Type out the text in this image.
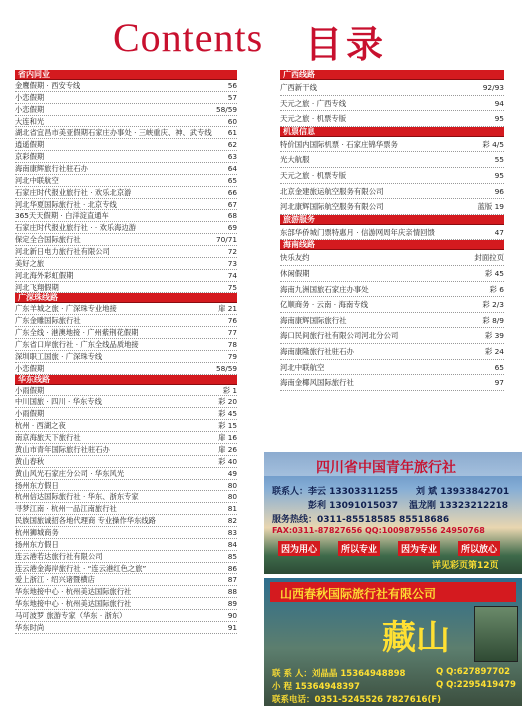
Contents 目录
省内同业
金鹰假期 · 西安专线	56
小恋假期	57
小恋假期	58/59
大连和光	60
湖北省宜昌市美亚假期石家庄办事处 · 三峡重庆、神、武专线	61
逍遥假期	62
京彩假期	63
海南康辉旅行社驻石办	64
河北中联航空	65
石家庄时代报业旅行社 · 欢乐北京游	66
河北华夏国际旅行社 · 北京专线	67
365天天假期 · 白洋淀直通车	68
石家庄时代报业旅行社 · · 欢乐海边游	69
保定全合国际旅行社	70/71
河北新日电力旅行社有限公司	72
美好之旅	73
河北海外彩虹假期	74
河北飞翔假期	75
广深珠线路
广东羊城之旅 · 广深珠专业地接	扉 21
广东金雕国际旅行社	76
广东全线 · 港澳地接 · 广州紫荆花假期	77
广东省口岸旅行社 · 广东全线品质地接	78
深圳职工国旅 · 广深珠专线	79
小恋假期	58/59
华东线路
小雨假期	彩 1
中川国旅 · 四川 · 华东专线	彩 20
小雨假期	彩 45
杭州 · 西湖之夜	彩 15
南京海旅天下旅行社	扉 16
黄山市青年国际旅行社驻石办	扉 26
黄山春秋	彩 40
黄山风光石家庄分公司 · 华东风光	49
扬州东方假日	80
杭州信达国际旅行社 · 华东、浙东专家	80
寻梦江南 · 杭州一品江南旅行社	81
民族国旅诚招各地代理商 专业操作华东线路	82
杭州狮城商务	83
扬州东方假日	84
连云港若达旅行社有限公司	85
连云港金海岸旅行社 · “连云港红色之旅”	86
爱上浙江 · 绍兴诸暨横店	87
华东地接中心 · 杭州美达国际旅行社	88
华东地接中心 · 杭州美达国际旅行社	89
马可波罗 旅游专家（华东 · 浙东）	90
华东时尚	91
广西线路
广西新干线	92/93
天元之旅 · 广西专线	94
天元之旅 · 机票专版	95
机票信息
特价国内国际机票 · 石家庄锦华票务	彩 4/5
光大航服	55
天元之旅 · 机票专版	95
北京金建旅运航空服务有限公司	96
河北康辉国际航空服务有限公司	蓝版 19
旅游服务
东部华侨城门票特惠月 · 信游网周年庆亲情回馈	47
海南线路
快乐友约	封面拉页
休闲假期	彩 45
海南九洲国旅石家庄办事处	彩 6
亿顺商务 · 云南 · 海南专线	彩 2/3
海南康辉国际旅行社	彩 8/9
海口民间旅行社有限公司河北分公司	彩 39
海南康隆旅行社驻石办	彩 24
河北中联航空	65
海南金椰风国际旅行社	97
四川省中国青年旅行社
联系人：李云 13303311255 刘 斌 13933842701
彭利 13091015037 温龙刚 13323212218
服务热线：0311-85518585 85518686
FAX:0311-87827656 QQ:1009879556 24950768
因为用心	所以专业	因为专业	所以放心
详见彩页第12页
山西春秋国际旅行社有限公司
藏山
联 系 人：刘晶晶 15364948898	Q Q:627897702
小 程 15364948397	Q Q:2295419479
联系电话：0351-5245526 7827616(F)
